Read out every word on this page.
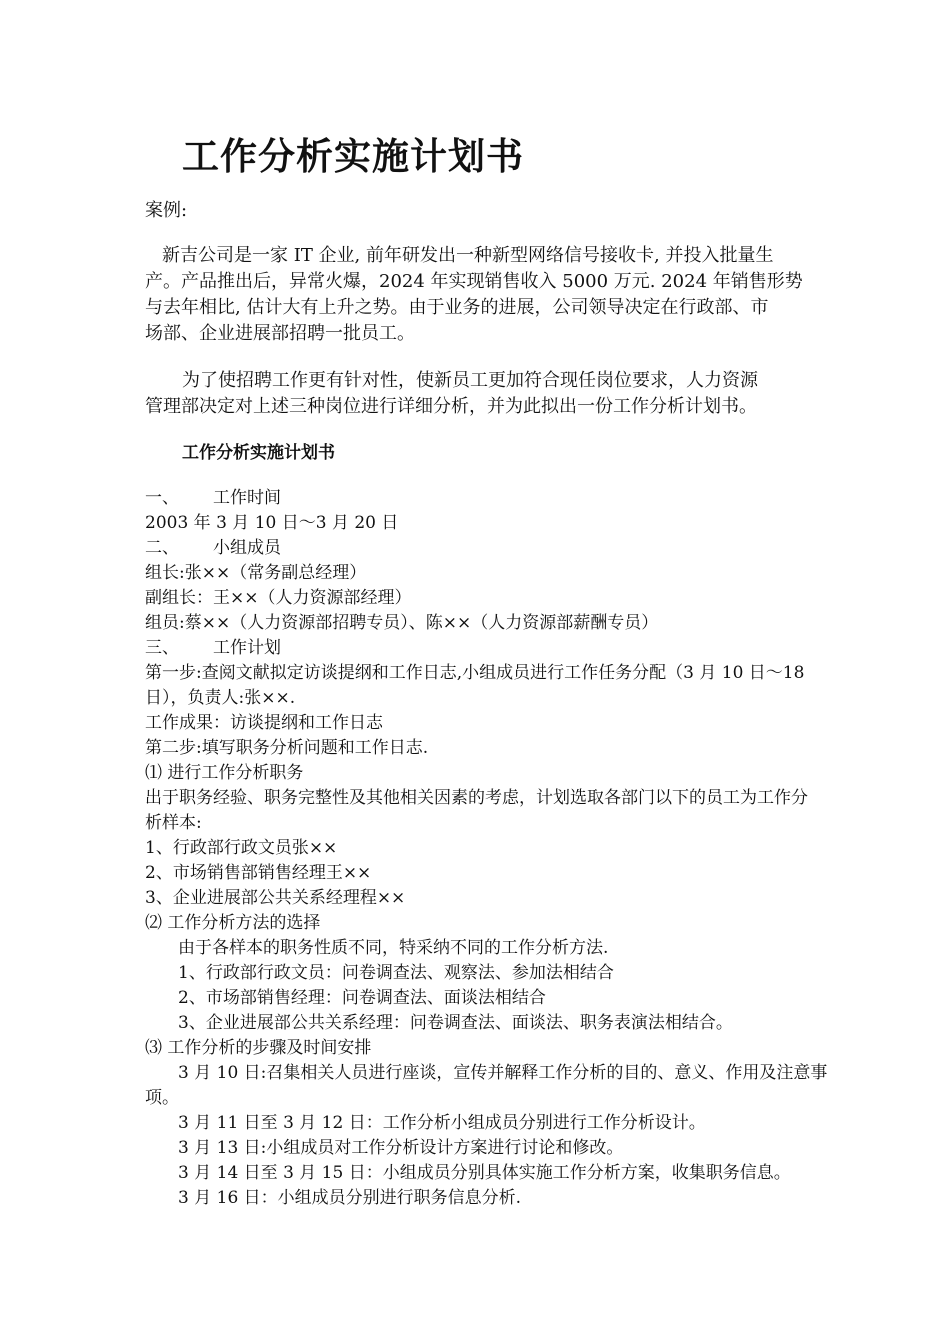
工作分析实施计划书
案例:
新吉公司是一家 IT 企业, 前年研发出一种新型网络信号接收卡, 并投入批量生
产。产品推出后，异常火爆，2024 年实现销售收入 5000 万元. 2024 年销售形势
与去年相比, 估计大有上升之势。由于业务的进展，公司领导决定在行政部、市
场部、企业进展部招聘一批员工。
为了使招聘工作更有针对性，使新员工更加符合现任岗位要求，人力资源
管理部决定对上述三种岗位进行详细分析，并为此拟出一份工作分析计划书。
工作分析实施计划书
一、 工作时间
2003 年 3 月 10 日～3 月 20 日
二、 小组成员
组长:张××（常务副总经理）
副组长：王××（人力资源部经理）
组员:蔡××（人力资源部招聘专员）、陈××（人力资源部薪酬专员）
三、 工作计划
第一步:查阅文献拟定访谈提纲和工作日志,小组成员进行工作任务分配（3 月 10 日～18
日），负责人:张××.
工作成果：访谈提纲和工作日志
第二步:填写职务分析问题和工作日志.
⑴ 进行工作分析职务
出于职务经验、职务完整性及其他相关因素的考虑，计划选取各部门以下的员工为工作分
析样本:
1、行政部行政文员张××
2、市场销售部销售经理王××
3、企业进展部公共关系经理程××
⑵ 工作分析方法的选择
由于各样本的职务性质不同，特采纳不同的工作分析方法.
1、行政部行政文员：问卷调查法、观察法、参加法相结合
2、市场部销售经理：问卷调查法、面谈法相结合
3、企业进展部公共关系经理：问卷调查法、面谈法、职务表演法相结合。
⑶ 工作分析的步骤及时间安排
3 月 10 日:召集相关人员进行座谈，宣传并解释工作分析的目的、意义、作用及注意事
项。
3 月 11 日至 3 月 12 日：工作分析小组成员分别进行工作分析设计。
3 月 13 日:小组成员对工作分析设计方案进行讨论和修改。
3 月 14 日至 3 月 15 日：小组成员分别具体实施工作分析方案，收集职务信息。
3 月 16 日：小组成员分别进行职务信息分析.
